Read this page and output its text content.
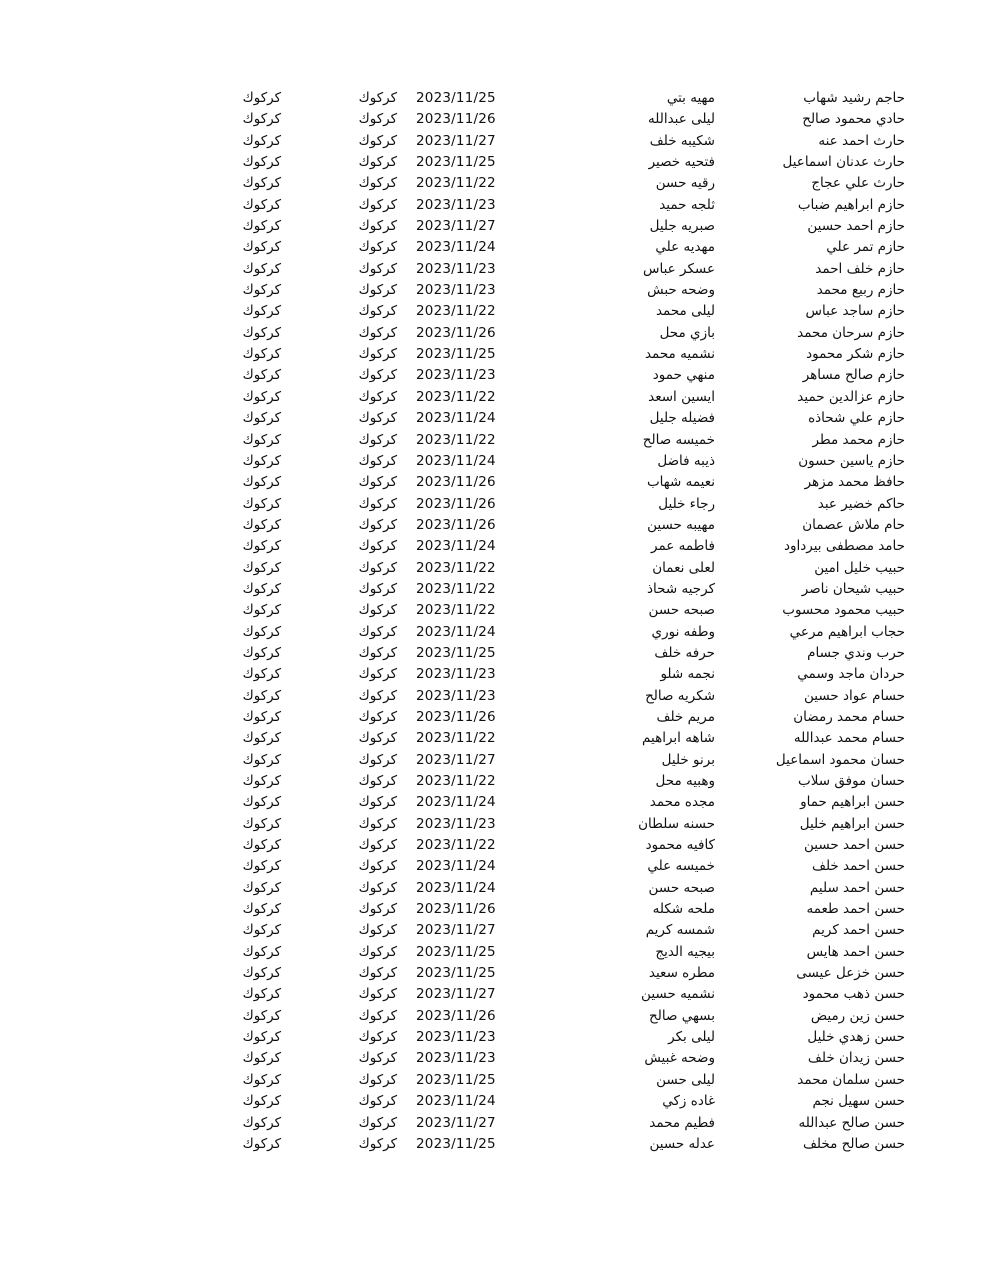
حاجم رشيد شهاب
مهيه بتي
2023/11/25
كركوك
كركوك
حادي محمود صالح
ليلى عبدالله
2023/11/26
كركوك
كركوك
حارث احمد عنه
شكيبه خلف
2023/11/27
كركوك
كركوك
حارث عدنان اسماعيل
فتحيه خصير
2023/11/25
كركوك
كركوك
حارث علي عجاج
رقيه حسن
2023/11/22
كركوك
كركوك
حازم ابراهيم ضباب
ثلجه حميد
2023/11/23
كركوك
كركوك
حازم احمد حسين
صبريه جليل
2023/11/27
كركوك
كركوك
حازم تمر علي
مهديه علي
2023/11/24
كركوك
كركوك
حازم خلف احمد
عسكر عباس
2023/11/23
كركوك
كركوك
حازم ربيع محمد
وضحه حبش
2023/11/23
كركوك
كركوك
حازم ساجد عباس
ليلى محمد
2023/11/22
كركوك
كركوك
حازم سرحان محمد
بازي محل
2023/11/26
كركوك
كركوك
حازم شكر محمود
نشميه محمد
2023/11/25
كركوك
كركوك
حازم صالح مساهر
منهي حمود
2023/11/23
كركوك
كركوك
حازم عزالدين حميد
ايسين اسعد
2023/11/22
كركوك
كركوك
حازم علي شحاذه
فضيله جليل
2023/11/24
كركوك
كركوك
حازم محمد مطر
خميسه صالح
2023/11/22
كركوك
كركوك
حازم ياسين حسون
ذيبه فاضل
2023/11/24
كركوك
كركوك
حافظ محمد مزهر
نعيمه شهاب
2023/11/26
كركوك
كركوك
حاكم خضير عبد
رجاء خليل
2023/11/26
كركوك
كركوك
حام ملاش عصمان
مهيبه حسين
2023/11/26
كركوك
كركوك
حامد مصطفى بيرداود
فاطمه عمر
2023/11/24
كركوك
كركوك
حبيب خليل امين
لعلى نعمان
2023/11/22
كركوك
كركوك
حبيب شيحان ناصر
كرجيه شحاذ
2023/11/22
كركوك
كركوك
حبيب محمود محسوب
صبحه حسن
2023/11/22
كركوك
كركوك
حجاب ابراهيم مرعي
وطفه نوري
2023/11/24
كركوك
كركوك
حرب وندي جسام
حرفه خلف
2023/11/25
كركوك
كركوك
حردان ماجد وسمي
نجمه شلو
2023/11/23
كركوك
كركوك
حسام عواد حسين
شكريه صالح
2023/11/23
كركوك
كركوك
حسام محمد رمضان
مريم خلف
2023/11/26
كركوك
كركوك
حسام محمد عبدالله
شاهه ابراهيم
2023/11/22
كركوك
كركوك
حسان محمود اسماعيل
برنو خليل
2023/11/27
كركوك
كركوك
حسان موفق سلاب
وهبيه محل
2023/11/22
كركوك
كركوك
حسن ابراهيم حماو
مجده محمد
2023/11/24
كركوك
كركوك
حسن ابراهيم خليل
حسنه سلطان
2023/11/23
كركوك
كركوك
حسن احمد حسين
كافيه محمود
2023/11/22
كركوك
كركوك
حسن احمد خلف
خميسه علي
2023/11/24
كركوك
كركوك
حسن احمد سليم
صبحه حسن
2023/11/24
كركوك
كركوك
حسن احمد طعمه
ملحه شكله
2023/11/26
كركوك
كركوك
حسن احمد كريم
شمسه كريم
2023/11/27
كركوك
كركوك
حسن احمد هايس
بيجيه الديج
2023/11/25
كركوك
كركوك
حسن خزعل عيسى
مطره سعيد
2023/11/25
كركوك
كركوك
حسن ذهب محمود
نشميه حسين
2023/11/27
كركوك
كركوك
حسن زين رميض
بسهي صالح
2023/11/26
كركوك
كركوك
حسن زهدي خليل
ليلى بكر
2023/11/23
كركوك
كركوك
حسن زيدان خلف
وضحه غبيش
2023/11/23
كركوك
كركوك
حسن سلمان محمد
ليلى حسن
2023/11/25
كركوك
كركوك
حسن سهيل نجم
غاده زكي
2023/11/24
كركوك
كركوك
حسن صالح عبدالله
فطيم محمد
2023/11/27
كركوك
كركوك
حسن صالح مخلف
عدله حسين
2023/11/25
كركوك
كركوك
